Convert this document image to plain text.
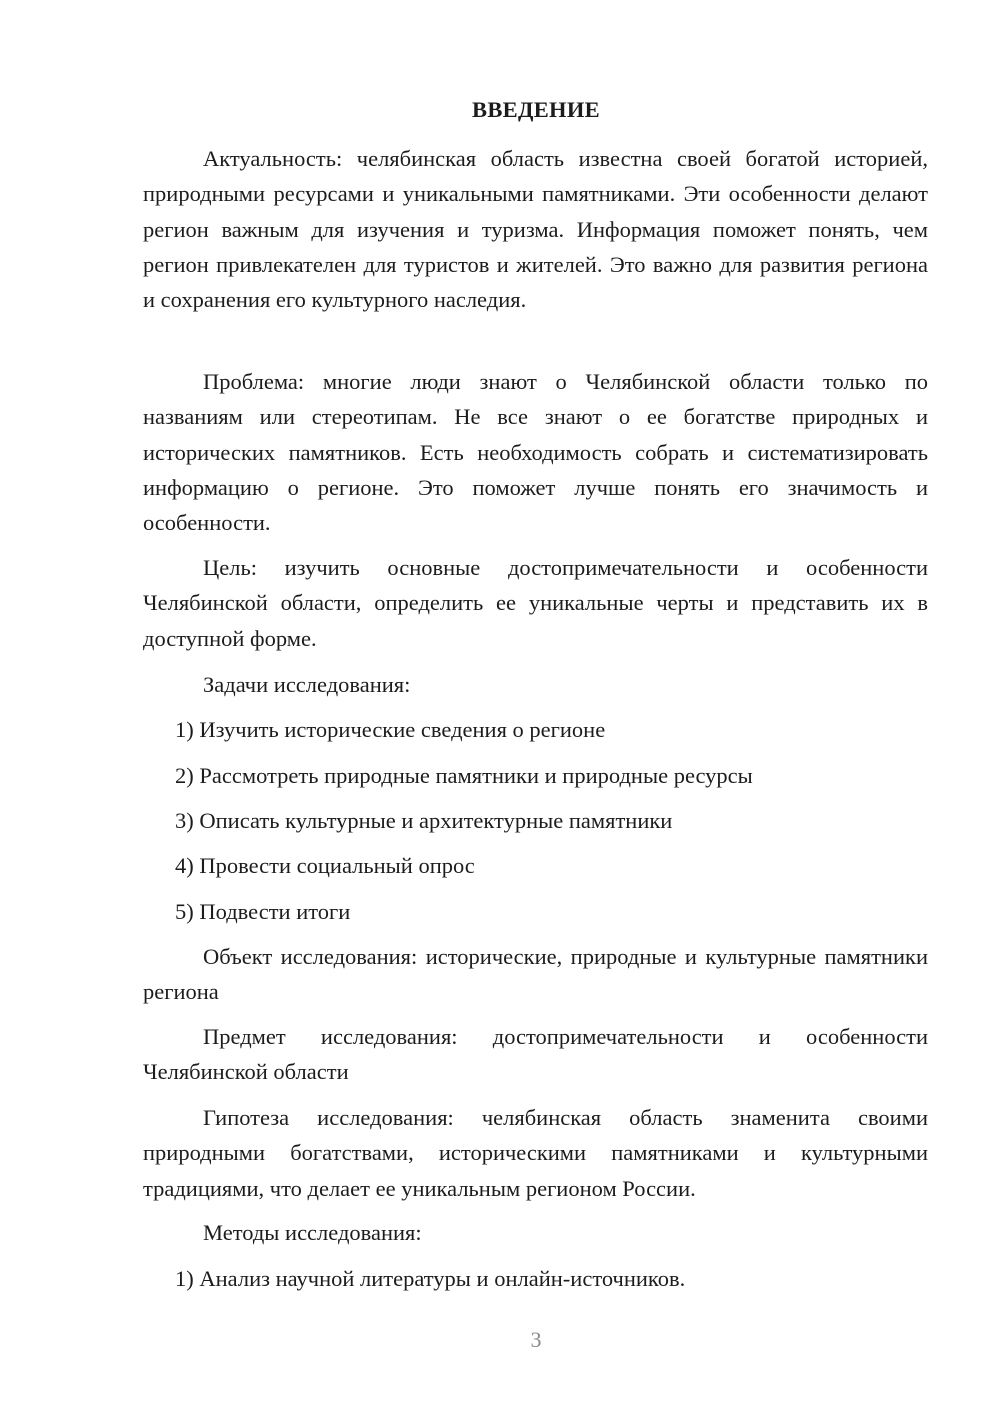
ВВЕДЕНИЕ

Актуальность: челябинская область известна своей богатой историей, природными ресурсами и уникальными памятниками. Эти особенности делают регион важным для изучения и туризма. Информация поможет понять, чем регион привлекателен для туристов и жителей. Это важно для развития региона и сохранения его культурного наследия.

Проблема: многие люди знают о Челябинской области только по названиям или стереотипам. Не все знают о ее богатстве природных и исторических памятников. Есть необходимость собрать и систематизировать информацию о регионе. Это поможет лучше понять его значимость и особенности.

Цель: изучить основные достопримечательности и особенности Челябинской области, определить ее уникальные черты и представить их в доступной форме.

Задачи исследования:
1) Изучить исторические сведения о регионе
2) Рассмотреть природные памятники и природные ресурсы
3) Описать культурные и архитектурные памятники
4) Провести социальный опрос
5) Подвести итоги

Объект исследования: исторические, природные и культурные памятники региона

Предмет исследования: достопримечательности и особенности Челябинской области

Гипотеза исследования: челябинская область знаменита своими природными богатствами, историческими памятниками и культурными традициями, что делает ее уникальным регионом России.

Методы исследования:
1) Анализ научной литературы и онлайн-источников.
3
